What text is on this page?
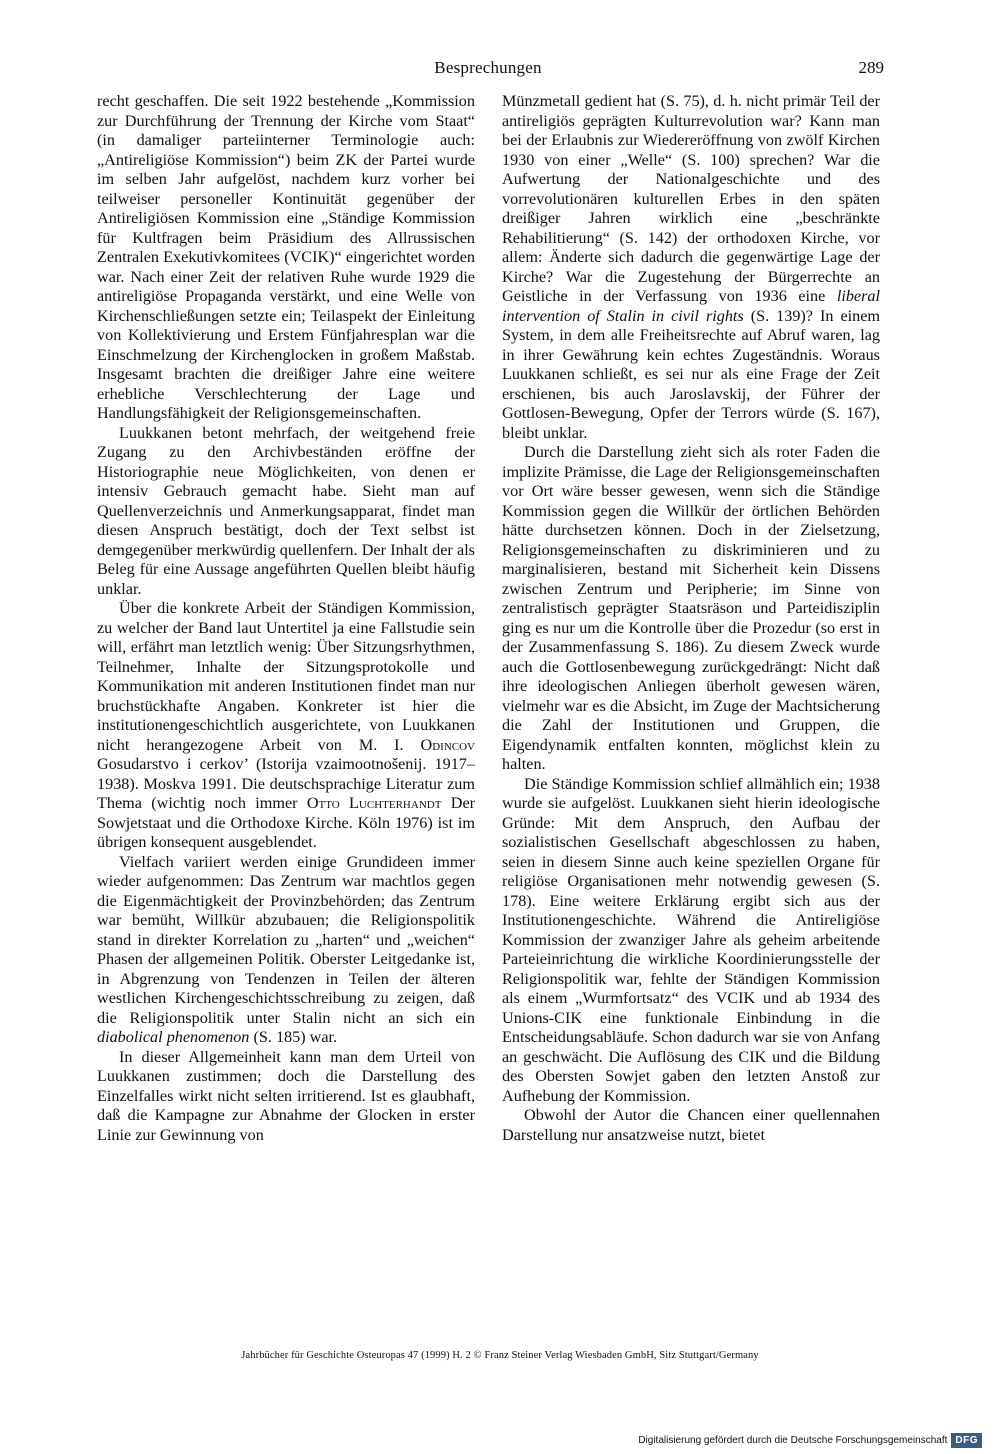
Besprechungen	289

recht geschaffen. Die seit 1922 bestehende „Kommission zur Durchführung der Trennung der Kirche vom Staat“ (in damaliger parteiinterner Terminologie auch: „Antireligiöse Kommission“) beim ZK der Partei wurde im selben Jahr aufgelöst, nachdem kurz vorher bei teilweiser personeller Kontinuität gegenüber der Antireligiösen Kommission eine „Ständige Kommission für Kultfragen beim Präsidium des Allrussischen Zentralen Exekutivkomitees (VCIK)“ eingerichtet worden war. Nach einer Zeit der relativen Ruhe wurde 1929 die antireligiöse Propaganda verstärkt, und eine Welle von Kirchenschließungen setzte ein; Teilaspekt der Einleitung von Kollektivierung und Erstem Fünfjahresplan war die Einschmelzung der Kirchenglocken in großem Maßstab. Insgesamt brachten die dreißiger Jahre eine weitere erhebliche Verschlechterung der Lage und Handlungsfähigkeit der Religionsgemeinschaften.

Luukkanen betont mehrfach, der weitgehend freie Zugang zu den Archivbeständen eröffne der Historiographie neue Möglichkeiten, von denen er intensiv Gebrauch gemacht habe. Sieht man auf Quellenverzeichnis und Anmerkungsapparat, findet man diesen Anspruch bestätigt, doch der Text selbst ist demgegenüber merkwürdig quellenfern. Der Inhalt der als Beleg für eine Aussage angeführten Quellen bleibt häufig unklar.

Über die konkrete Arbeit der Ständigen Kommission, zu welcher der Band laut Untertitel ja eine Fallstudie sein will, erfährt man letztlich wenig: Über Sitzungsrhythmen, Teilnehmer, Inhalte der Sitzungsprotokolle und Kommunikation mit anderen Institutionen findet man nur bruchstückhafte Angaben. Konkreter ist hier die institutionengeschichtlich ausgerichtete, von Luukkanen nicht herangezogene Arbeit von M. I. Odincov Gosudarstvo i cerkov’ (Istorija vzaimootnošenij. 1917–1938). Moskva 1991. Die deutschsprachige Literatur zum Thema (wichtig noch immer Otto Luchterhandt Der Sowjetstaat und die Orthodoxe Kirche. Köln 1976) ist im übrigen konsequent ausgeblendet.

Vielfach variiert werden einige Grundideen immer wieder aufgenommen: Das Zentrum war machtlos gegen die Eigenmächtigkeit der Provinzbehörden; das Zentrum war bemüht, Willkür abzubauen; die Religionspolitik stand in direkter Korrelation zu „harten“ und „weichen“ Phasen der allgemeinen Politik. Oberster Leitgedanke ist, in Abgrenzung von Tendenzen in Teilen der älteren westlichen Kirchengeschichtsschreibung zu zeigen, daß die Religionspolitik unter Stalin nicht an sich ein diabolical phenomenon (S. 185) war.

In dieser Allgemeinheit kann man dem Urteil von Luukkanen zustimmen; doch die Darstellung des Einzelfalles wirkt nicht selten irritierend. Ist es glaubhaft, daß die Kampagne zur Abnahme der Glocken in erster Linie zur Gewinnung von

Münzmetall gedient hat (S. 75), d. h. nicht primär Teil der antireligiös geprägten Kulturrevolution war? Kann man bei der Erlaubnis zur Wiedereröffnung von zwölf Kirchen 1930 von einer „Welle“ (S. 100) sprechen? War die Aufwertung der Nationalgeschichte und des vorrevolutionären kulturellen Erbes in den späten dreißiger Jahren wirklich eine „beschränkte Rehabilitierung“ (S. 142) der orthodoxen Kirche, vor allem: Änderte sich dadurch die gegenwärtige Lage der Kirche? War die Zugestehung der Bürgerrechte an Geistliche in der Verfassung von 1936 eine liberal intervention of Stalin in civil rights (S. 139)? In einem System, in dem alle Freiheitsrechte auf Abruf waren, lag in ihrer Gewährung kein echtes Zugeständnis. Woraus Luukkanen schließt, es sei nur als eine Frage der Zeit erschienen, bis auch Jaroslavskij, der Führer der Gottlosen-Bewegung, Opfer der Terrors würde (S. 167), bleibt unklar.

Durch die Darstellung zieht sich als roter Faden die implizite Prämisse, die Lage der Religionsgemeinschaften vor Ort wäre besser gewesen, wenn sich die Ständige Kommission gegen die Willkür der örtlichen Behörden hätte durchsetzen können. Doch in der Zielsetzung, Religionsgemeinschaften zu diskriminieren und zu marginalisieren, bestand mit Sicherheit kein Dissens zwischen Zentrum und Peripherie; im Sinne von zentralistisch geprägter Staatsräson und Parteidisziplin ging es nur um die Kontrolle über die Prozedur (so erst in der Zusammenfassung S. 186). Zu diesem Zweck wurde auch die Gottlosenbewegung zurückgedrängt: Nicht daß ihre ideologischen Anliegen überholt gewesen wären, vielmehr war es die Absicht, im Zuge der Machtsicherung die Zahl der Institutionen und Gruppen, die Eigendynamik entfalten konnten, möglichst klein zu halten.

Die Ständige Kommission schlief allmählich ein; 1938 wurde sie aufgelöst. Luukkanen sieht hierin ideologische Gründe: Mit dem Anspruch, den Aufbau der sozialistischen Gesellschaft abgeschlossen zu haben, seien in diesem Sinne auch keine speziellen Organe für religiöse Organisationen mehr notwendig gewesen (S. 178). Eine weitere Erklärung ergibt sich aus der Institutionengeschichte. Während die Antireligiöse Kommission der zwanziger Jahre als geheim arbeitende Parteieinrichtung die wirkliche Koordinierungsstelle der Religionspolitik war, fehlte der Ständigen Kommission als einem „Wurmfortsatz“ des VCIK und ab 1934 des Unions-CIK eine funktionale Einbindung in die Entscheidungsabläufe. Schon dadurch war sie von Anfang an geschwächt. Die Auflösung des CIK und die Bildung des Obersten Sowjet gaben den letzten Anstoß zur Aufhebung der Kommission.

Obwohl der Autor die Chancen einer quellennahen Darstellung nur ansatzweise nutzt, bietet

Jahrbücher für Geschichte Osteuropas 47 (1999) H. 2 © Franz Steiner Verlag Wiesbaden GmbH, Sitz Stuttgart/Germany
Digitalisierung gefördert durch die Deutsche Forschungsgemeinschaft DFG
